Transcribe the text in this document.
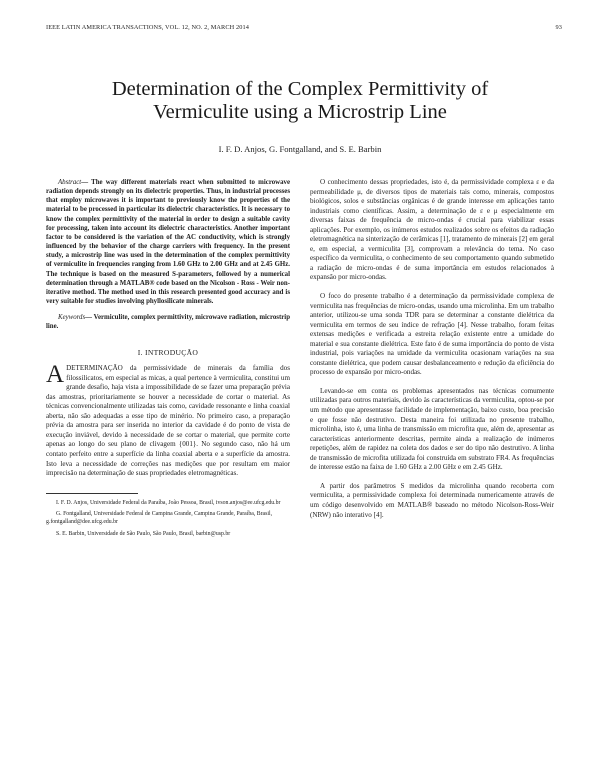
IEEE LATIN AMERICA TRANSACTIONS, VOL. 12, NO. 2, MARCH 2014	93
Determination of the Complex Permittivity of
Vermiculite using a Microstrip Line
I. F. D. Anjos, G. Fontgalland, and S. E. Barbin

Abstract— The way different materials react when submitted to microwave radiation depends strongly on its dielectric properties. Thus, in industrial processes that employ microwaves it is important to previously know the properties of the material to be processed in particular its dielectric characteristics. It is necessary to know the complex permittivity of the material in order to design a suitable cavity for processing, taken into account its dielectric characteristics. Another important factor to be considered is the variation of the AC conductivity, which is strongly influenced by the behavior of the charge carriers with frequency. In the present study, a microstrip line was used in the determination of the complex permittivity of vermiculite in frequencies ranging from 1.60 GHz to 2.00 GHz and at 2.45 GHz. The technique is based on the measured S-parameters, followed by a numerical determination through a MATLAB® code based on the Nicolson - Ross - Weir non-iterative method. The method used in this research presented good accuracy and is very suitable for studies involving phyllosilicate minerals.

Keywords— Vermiculite, complex permittivity, microwave radiation, microstrip line.

I. INTRODUÇÃO

ADETERMINAÇÃO da permissividade de minerais da família dos filossilicatos, em especial as micas, a qual pertence à vermiculita, constitui um grande desafio, haja vista a impossibilidade de se fazer uma preparação prévia das amostras, prioritariamente se houver a necessidade de cortar o material. As técnicas convencionalmente utilizadas tais como, cavidade ressonante e linha coaxial aberta, não são adequadas a esse tipo de minério. No primeiro caso, a preparação prévia da amostra para ser inserida no interior da cavidade é do ponto de vista de execução inviável, devido à necessidade de se cortar o material, que permite corte apenas ao longo do seu plano de clivagem {001}. No segundo caso, não há um contato perfeito entre a superfície da linha coaxial aberta e a superfície da amostra. Isto leva a necessidade de correções nas medições que por resultam em maior imprecisão na determinação de suas propriedades eletromagnéticas.

I. F. D. Anjos, Universidade Federal da Paraíba, João Pessoa, Brasil, ivson.anjos@ee.ufcg.edu.br

G. Fontgalland, Universidade Federal de Campina Grande, Campina Grande, Paraíba, Brasil, g.fontgalland@dee.ufcg.edu.br

S. E. Barbin, Universidade de São Paulo, São Paulo, Brasil, barbin@usp.br

O conhecimento dessas propriedades, isto é, da permissividade complexa ε e da permeabilidade μ, de diversos tipos de materiais tais como, minerais, compostos biológicos, solos e substâncias orgânicas é de grande interesse em aplicações tanto industriais como científicas. Assim, a determinação de ε e μ especialmente em diversas faixas de frequência de micro-ondas é crucial para viabilizar essas aplicações. Por exemplo, os inúmeros estudos realizados sobre os efeitos da radiação eletromagnética na sinterização de cerâmicas [1], tratamento de minerais [2] em geral e, em especial, a vermiculita [3], comprovam a relevância do tema. No caso específico da vermiculita, o conhecimento de seu comportamento quando submetido a radiação de micro-ondas é de suma importância em estudos relacionados à expansão por micro-ondas.

O foco do presente trabalho é a determinação da permissividade complexa de vermiculita nas frequências de micro-ondas, usando uma microlinha. Em um trabalho anterior, utilizou-se uma sonda TDR para se determinar a constante dielétrica da vermiculita em termos de seu índice de refração [4]. Nesse trabalho, foram feitas extensas medições e verificada a estreita relação existente entre a umidade do material e sua constante dielétrica. Este fato é de suma importância do ponto de vista industrial, pois variações na umidade da vermiculita ocasionam variações na sua constante dielétrica, que podem causar desbalanceamento e redução da eficiência do processo de expansão por micro-ondas.

Levando-se em conta os problemas apresentados nas técnicas comumente utilizadas para outros materiais, devido às características da vermiculita, optou-se por um método que apresentasse facilidade de implementação, baixo custo, boa precisão e que fosse não destrutivo. Desta maneira foi utilizada no presente trabalho, microlinha, isto é, uma linha de transmissão em microfita que, além de, apresentar as características anteriormente descritas, permite ainda a realização de inúmeros repetições, além de rapidez na coleta dos dados e ser do tipo não destrutivo. A linha de transmissão de microfita utilizada foi construída em substrato FR4. As frequências de interesse estão na faixa de 1.60 GHz a 2.00 GHz e em 2.45 GHz.

A partir dos parâmetros S medidos da microlinha quando recoberta com vermiculita, a permissividade complexa foi determinada numericamente através de um código desenvolvido em MATLAB® baseado no método Nicolson-Ross-Weir (NRW) não interativo [4].
